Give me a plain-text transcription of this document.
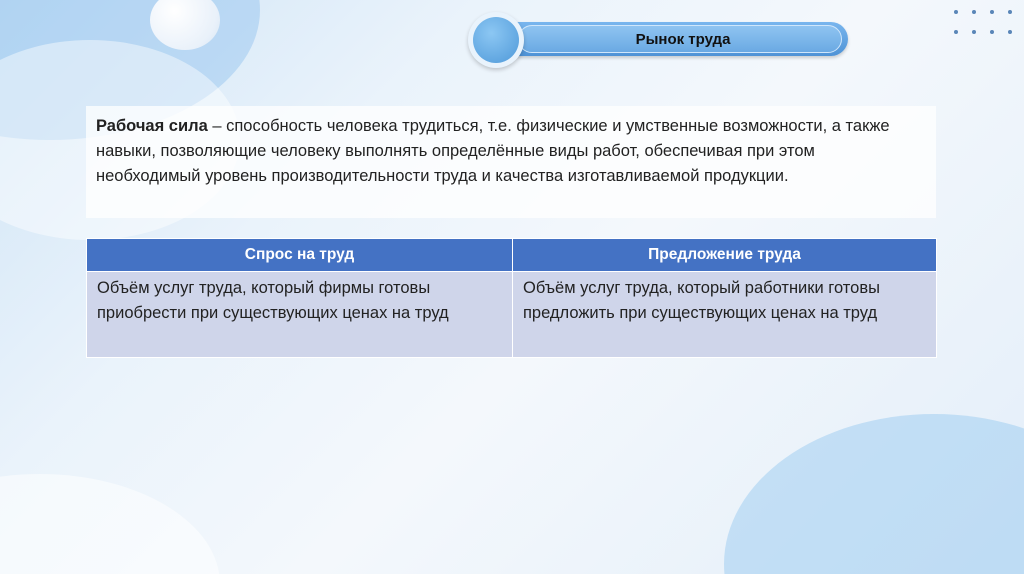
Рынок труда
Рабочая сила – способность человека трудиться, т.е. физические и умственные возможности, а также навыки, позволяющие человеку выполнять определённые виды работ, обеспечивая при этом необходимый уровень производительности труда и качества изготавливаемой продукции.
Спрос на труд	Предложение труда
Объём услуг труда, который фирмы готовы приобрести при существующих ценах на труд	Объём услуг труда, который работники готовы предложить при существующих ценах на труд
